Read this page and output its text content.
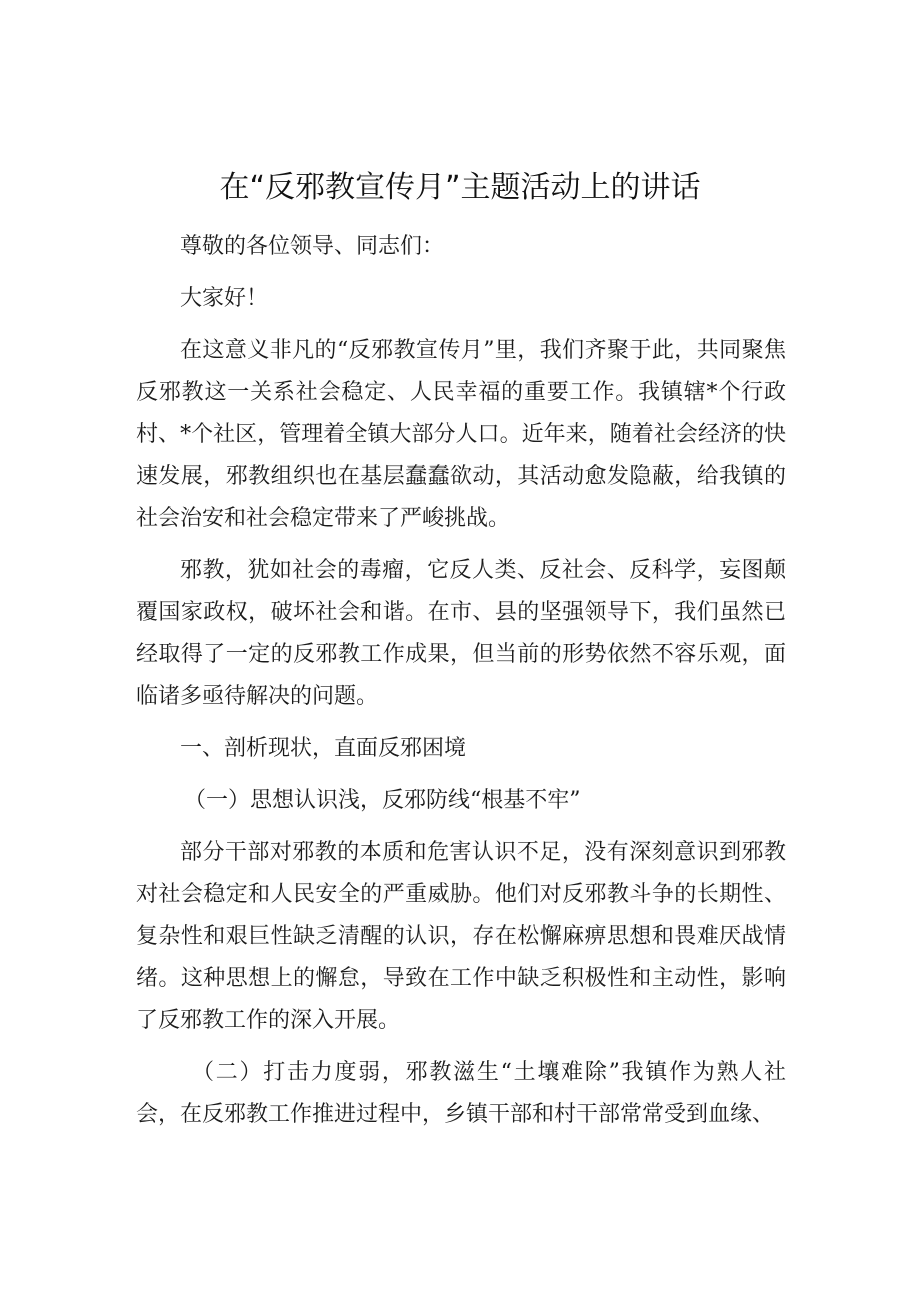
在“反邪教宣传月”主题活动上的讲话

尊敬的各位领导、同志们：

大家好！

在这意义非凡的“反邪教宣传月”里，我们齐聚于此，共同聚焦反邪教这一关系社会稳定、人民幸福的重要工作。我镇辖*个行政村、*个社区，管理着全镇大部分人口。近年来，随着社会经济的快速发展，邪教组织也在基层蠢蠢欲动，其活动愈发隐蔽，给我镇的社会治安和社会稳定带来了严峻挑战。

邪教，犹如社会的毒瘤，它反人类、反社会、反科学，妄图颠覆国家政权，破坏社会和谐。在市、县的坚强领导下，我们虽然已经取得了一定的反邪教工作成果，但当前的形势依然不容乐观，面临诸多亟待解决的问题。

一、剖析现状，直面反邪困境

（一）思想认识浅，反邪防线“根基不牢”

部分干部对邪教的本质和危害认识不足，没有深刻意识到邪教对社会稳定和人民安全的严重威胁。他们对反邪教斗争的长期性、复杂性和艰巨性缺乏清醒的认识，存在松懈麻痹思想和畏难厌战情绪。这种思想上的懈怠，导致在工作中缺乏积极性和主动性，影响了反邪教工作的深入开展。

（二）打击力度弱，邪教滋生“土壤难除”我镇作为熟人社会，在反邪教工作推进过程中，乡镇干部和村干部常常受到血缘、
